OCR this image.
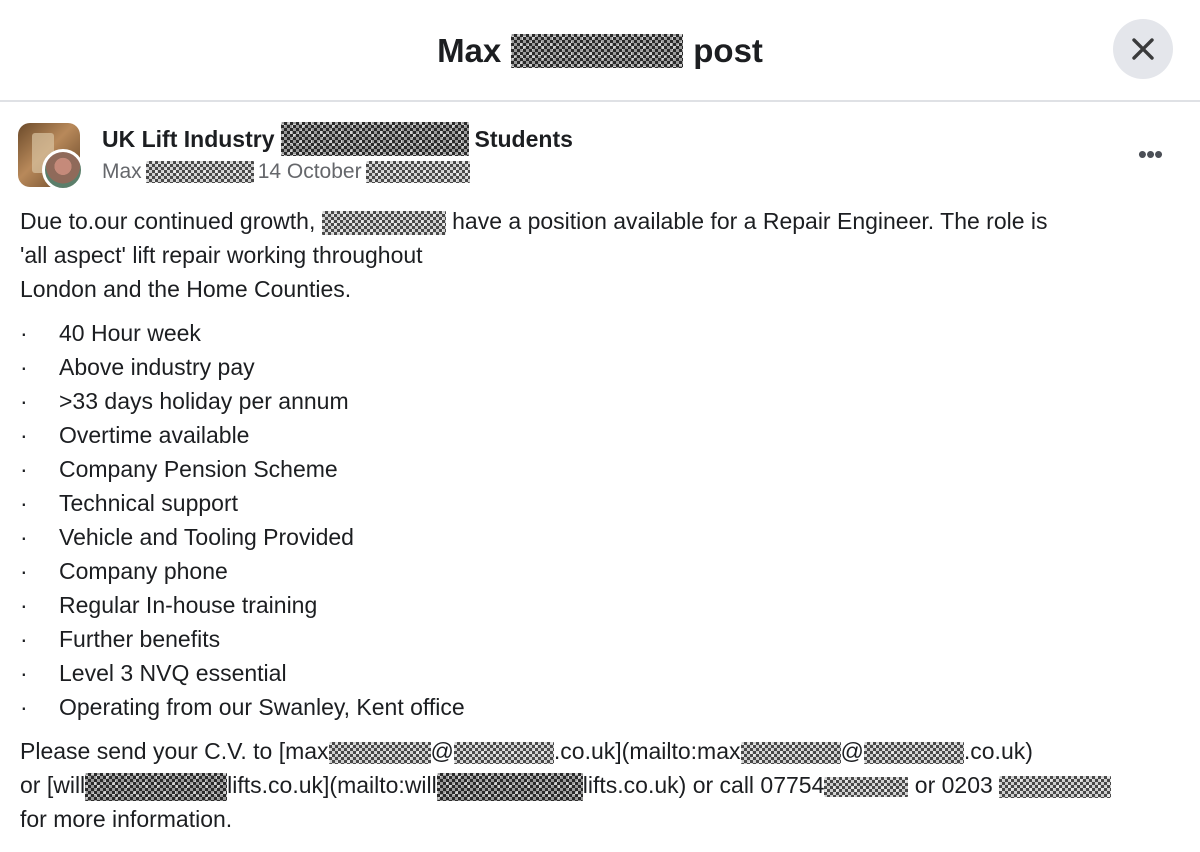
Max	post
UK Lift Industry	Students
Max	14 October
•••
Due to.our continued growth,	have a position available for a Repair Engineer. The role is
'all aspect' lift repair working throughout
London and the Home Counties.
· 40 Hour week
· Above industry pay
· >33 days holiday per annum
· Overtime available
· Company Pension Scheme
· Technical support
· Vehicle and Tooling Provided
· Company phone
· Regular In-house training
· Further benefits
· Level 3 NVQ essential
· Operating from our Swanley, Kent office
Please send your C.V. to [max	@	.co.uk](mailto:max	@	.co.uk)
or [will	lifts.co.uk](mailto:will	lifts.co.uk) or call 07754	or 0203
for more information.
